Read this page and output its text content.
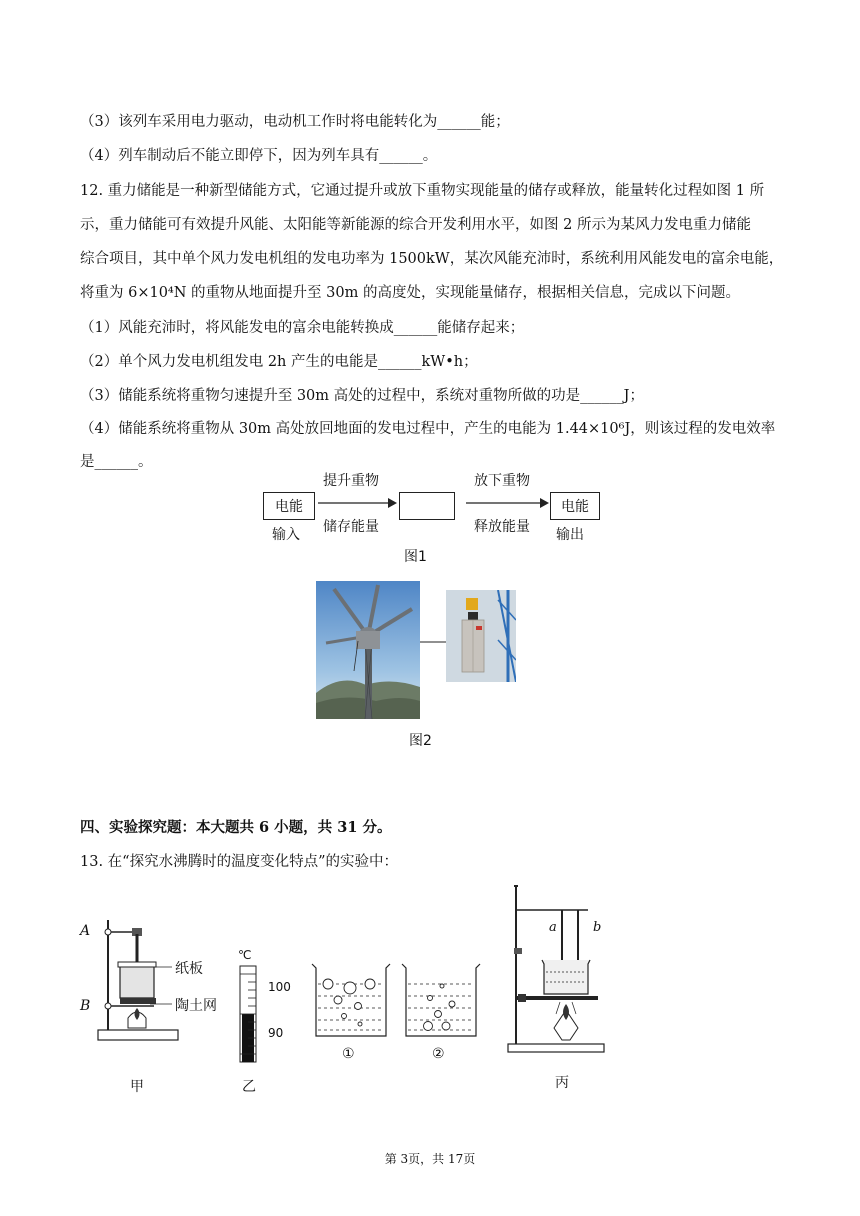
（3）该列车采用电力驱动，电动机工作时将电能转化为______能；
（4）列车制动后不能立即停下，因为列车具有______。
12. 重力储能是一种新型储能方式，它通过提升或放下重物实现能量的储存或释放，能量转化过程如图 1 所
示，重力储能可有效提升风能、太阳能等新能源的综合开发利用水平，如图 2 所示为某风力发电重力储能
综合项目，其中单个风力发电机组的发电功率为 1500kW，某次风能充沛时，系统利用风能发电的富余电能，
将重为 6×10⁴N 的重物从地面提升至 30m 的高度处，实现能量储存，根据相关信息，完成以下问题。
（1）风能充沛时，将风能发电的富余电能转换成______能储存起来；
（2）单个风力发电机组发电 2h 产生的电能是______kW•h；
（3）储能系统将重物匀速提升至 30m 高处的过程中，系统对重物所做的功是______J；
（4）储能系统将重物从 30m 高处放回地面的发电过程中，产生的电能为 1.44×10⁶J，则该过程的发电效率
是______。
电能
输入
提升重物
储存能量
放下重物
释放能量
电能
输出
图1
图2
四、实验探究题：本大题共 6 小题，共 31 分。
13. 在“探究水沸腾时的温度变化特点”的实验中：
A
B
纸板
陶土网
甲
℃
100
90
乙
①	②
a	b
丙
第 3页，共 17页
